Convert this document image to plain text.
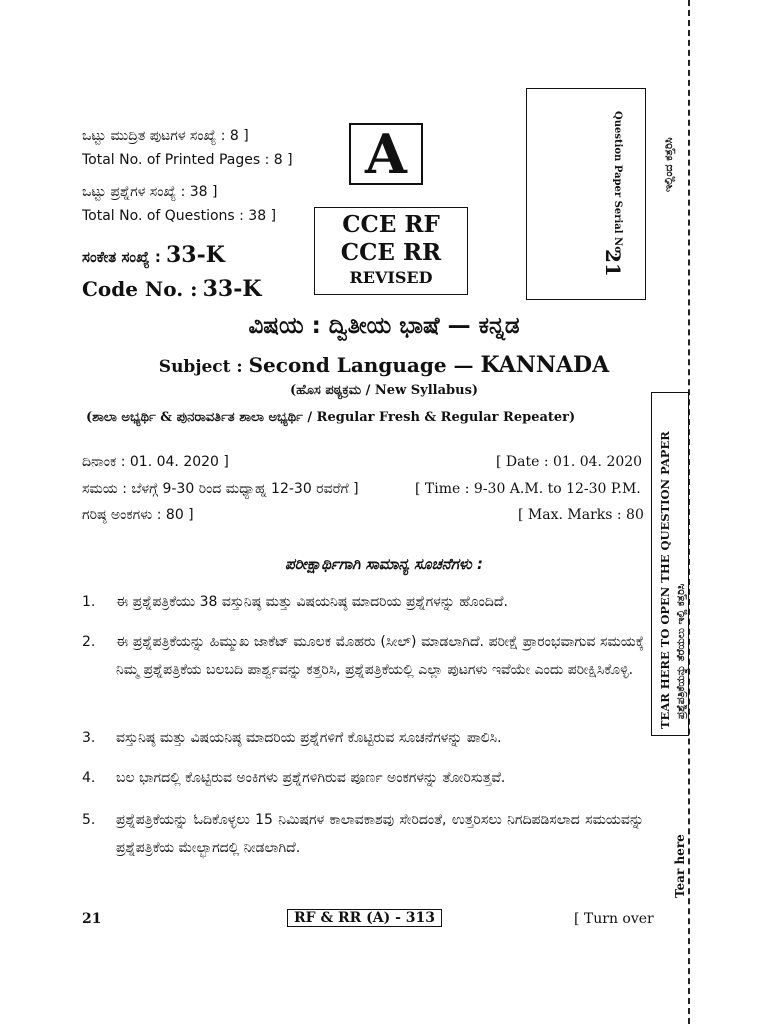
ಒಟ್ಟು ಮುದ್ರಿತ ಪುಟಗಳ ಸಂಖ್ಯೆ : 8 ]
Total No. of Printed Pages : 8 ]
ಒಟ್ಟು ಪ್ರಶ್ನೆಗಳ ಸಂಖ್ಯೆ : 38 ]
Total No. of Questions : 38 ]
ಸಂಕೇತ ಸಂಖ್ಯೆ : 33-K
Code No. : 33-K
A
CCE RF
CCE RR
REVISED
Question Paper Serial No.
21
ಇಲ್ಲಿಂದ ಕತ್ತರಿಸಿ
TEAR HERE TO OPEN THE QUESTION PAPER ಪ್ರಶ್ನೆಪತ್ರಿಕೆಯನ್ನು ತೆರೆಯಲು ಇಲ್ಲಿ ಕತ್ತರಿಸಿ
Tear here
ವಿಷಯ : ದ್ವಿತೀಯ ಭಾಷೆ — ಕನ್ನಡ
Subject : Second Language — KANNADA
(ಹೊಸ ಪಠ್ಯಕ್ರಮ / New Syllabus)
(ಶಾಲಾ ಅಭ್ಯರ್ಥಿ & ಪುನರಾವರ್ತಿತ ಶಾಲಾ ಅಭ್ಯರ್ಥಿ / Regular Fresh & Regular Repeater)
ದಿನಾಂಕ : 01. 04. 2020 ]	[ Date : 01. 04. 2020
ಸಮಯ : ಬೆಳಗ್ಗೆ 9-30 ರಿಂದ ಮಧ್ಯಾಹ್ನ 12-30 ರವರೆಗೆ ]	[ Time : 9-30 A.M. to 12-30 P.M.
ಗರಿಷ್ಠ ಅಂಕಗಳು : 80 ]	[ Max. Marks : 80
ಪರೀಕ್ಷಾರ್ಥಿಗಾಗಿ ಸಾಮಾನ್ಯ ಸೂಚನೆಗಳು :
1.	ಈ ಪ್ರಶ್ನೆಪತ್ರಿಕೆಯು 38 ವಸ್ತುನಿಷ್ಠ ಮತ್ತು ವಿಷಯನಿಷ್ಠ ಮಾದರಿಯ ಪ್ರಶ್ನೆಗಳನ್ನು ಹೊಂದಿದೆ.
2.	ಈ ಪ್ರಶ್ನೆಪತ್ರಿಕೆಯನ್ನು ಹಿಮ್ಮುಖ ಜಾಕೆಟ್ ಮೂಲಕ ಮೊಹರು (ಸೀಲ್) ಮಾಡಲಾಗಿದೆ. ಪರೀಕ್ಷೆ ಪ್ರಾರಂಭವಾಗುವ ಸಮಯಕ್ಕೆ ನಿಮ್ಮ ಪ್ರಶ್ನೆಪತ್ರಿಕೆಯ ಬಲಬದಿ ಪಾರ್ಶ್ವವನ್ನು ಕತ್ತರಿಸಿ, ಪ್ರಶ್ನೆಪತ್ರಿಕೆಯಲ್ಲಿ ಎಲ್ಲಾ ಪುಟಗಳು ಇವೆಯೇ ಎಂದು ಪರೀಕ್ಷಿಸಿಕೊಳ್ಳಿ.
3.	ವಸ್ತುನಿಷ್ಠ ಮತ್ತು ವಿಷಯನಿಷ್ಠ ಮಾದರಿಯ ಪ್ರಶ್ನೆಗಳಿಗೆ ಕೊಟ್ಟಿರುವ ಸೂಚನೆಗಳನ್ನು ಪಾಲಿಸಿ.
4.	ಬಲ ಭಾಗದಲ್ಲಿ ಕೊಟ್ಟಿರುವ ಅಂಕಿಗಳು ಪ್ರಶ್ನೆಗಳಿಗಿರುವ ಪೂರ್ಣ ಅಂಕಗಳನ್ನು ತೋರಿಸುತ್ತವೆ.
5.	ಪ್ರಶ್ನೆಪತ್ರಿಕೆಯನ್ನು ಓದಿಕೊಳ್ಳಲು 15 ನಿಮಿಷಗಳ ಕಾಲಾವಕಾಶವು ಸೇರಿದಂತೆ, ಉತ್ತರಿಸಲು ನಿಗದಿಪಡಿಸಲಾದ ಸಮಯವನ್ನು ಪ್ರಶ್ನೆಪತ್ರಿಕೆಯ ಮೇಲ್ಭಾಗದಲ್ಲಿ ನೀಡಲಾಗಿದೆ.
21	RF & RR (A) - 313	[ Turn over
